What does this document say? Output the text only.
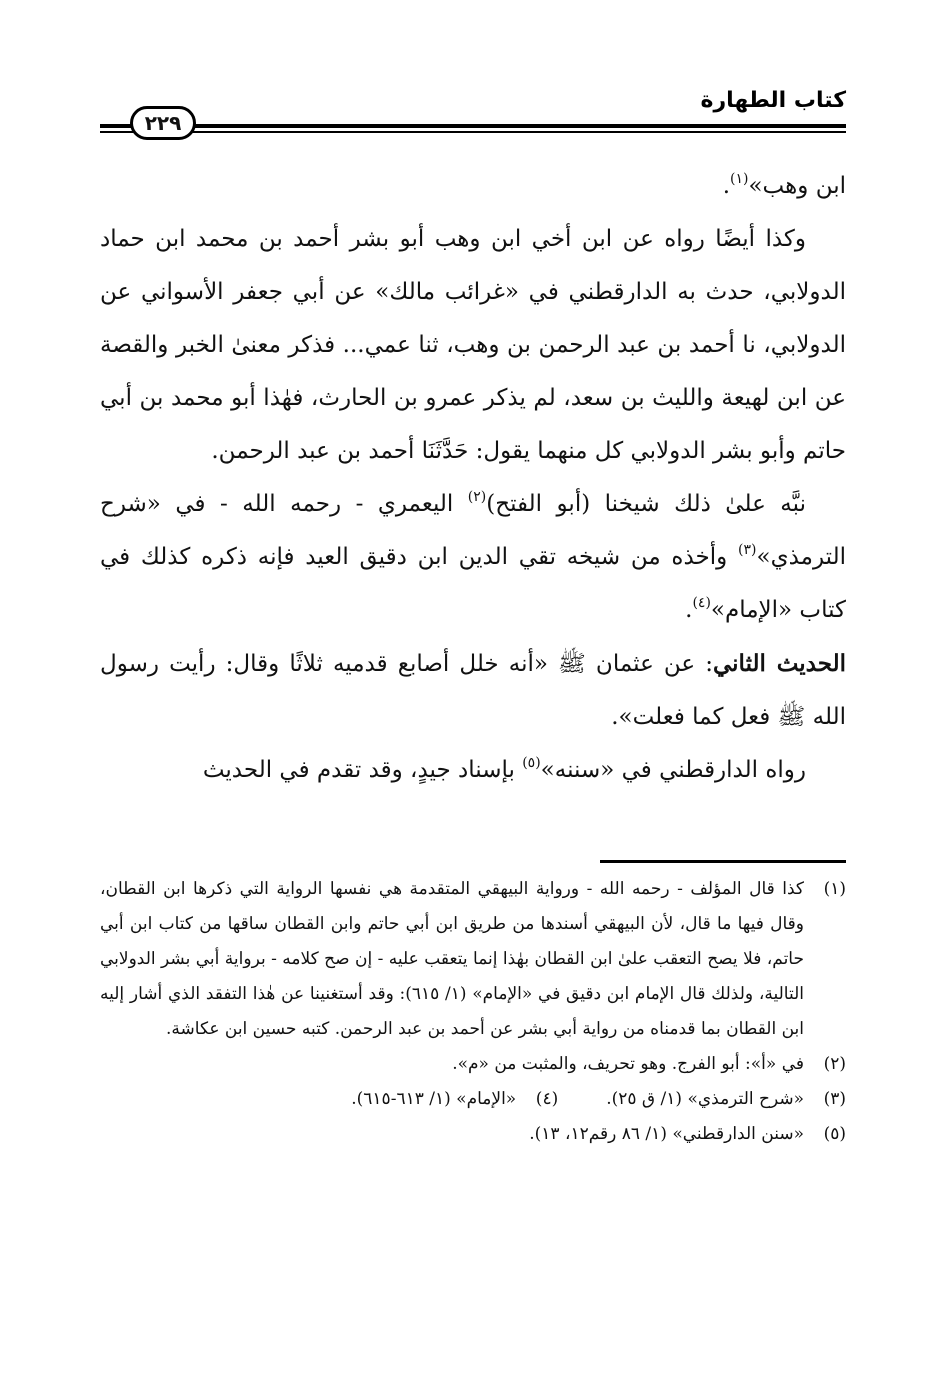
كتاب الطهارة
٢٢٩

ابن وهب»$^{(١)}$.

وكذا أيضًا رواه عن ابن أخي ابن وهب أبو بشر أحمد بن محمد ابن حماد الدولابي، حدث به الدارقطني في «غرائب مالك» عن أبي جعفر الأسواني عن الدولابي، نا أحمد بن عبد الرحمن بن وهب، ثنا عمي... فذكر معنىٰ الخبر والقصة عن ابن لهيعة والليث بن سعد، لم يذكر عمرو بن الحارث، فهٰذا أبو محمد بن أبي حاتم وأبو بشر الدولابي كل منهما يقول: حَدَّثَنَا أحمد بن عبد الرحمن.

نبَّه علىٰ ذلك شيخنا (أبو الفتح)$^{(٢)}$ اليعمري - رحمه الله - في «شرح الترمذي»$^{(٣)}$ وأخذه من شيخه تقي الدين ابن دقيق العيد فإنه ذكره كذلك في كتاب «الإمام»$^{(٤)}$.

الحديث الثاني: عن عثمان ﷺ «أنه خلل أصابع قدميه ثلاثًا وقال: رأيت رسول الله ﷺ فعل كما فعلت».

رواه الدارقطني في «سننه»$^{(٥)}$ بإسناد جيدٍ، وقد تقدم في الحديث

(١)
كذا قال المؤلف - رحمه الله - ورواية البيهقي المتقدمة هي نفسها الرواية التي ذكرها ابن القطان، وقال فيها ما قال، لأن البيهقي أسندها من طريق ابن أبي حاتم وابن القطان ساقها من كتاب ابن أبي حاتم، فلا يصح التعقب علىٰ ابن القطان بهٰذا إنما يتعقب عليه - إن صح كلامه - برواية أبي بشر الدولابي التالية، ولذلك قال الإمام ابن دقيق في «الإمام» (١/ ٦١٥): وقد أستغنينا عن هٰذا التفقد الذي أشار إليه ابن القطان بما قدمناه من رواية أبي بشر عن أحمد بن عبد الرحمن. كتبه حسين ابن عكاشة.

(٢)
في «أ»: أبو الفرج. وهو تحريف، والمثبت من «م».

(٣)
«شرح الترمذي» (١/ ق ٢٥).

(٤)
«الإمام» (١/ ٦١٣-٦١٥).

(٥)
«سنن الدارقطني» (١/ ٨٦ رقم١٢، ١٣).
